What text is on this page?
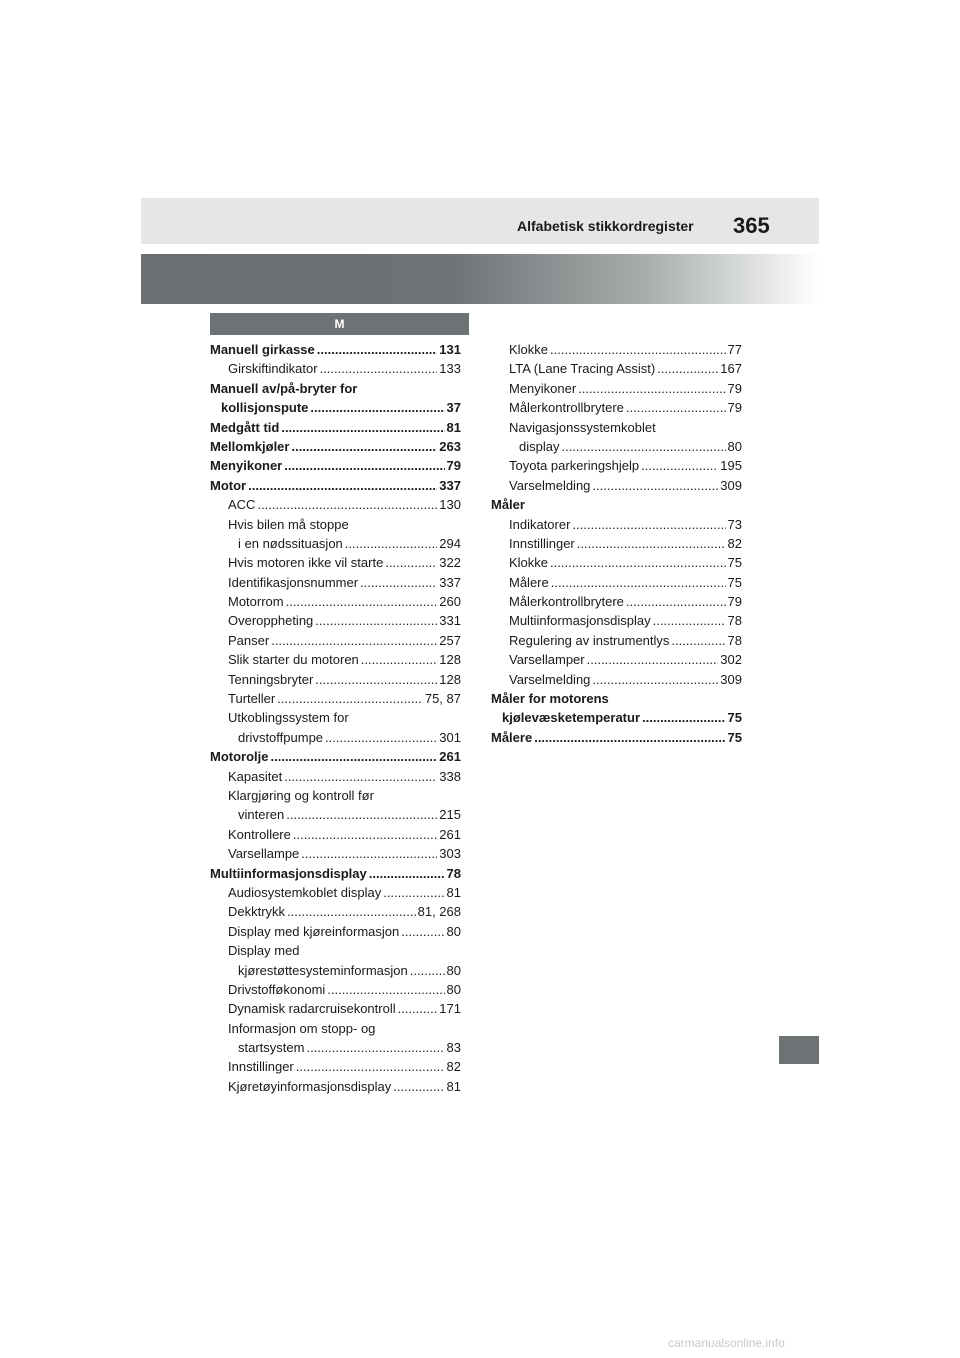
Alfabetisk stikkordregister 365
M
Manuell girkasse .....	131
Girskiftindikator .....	133
Manuell av/på-bryter for
kollisjonspute .....	37
Medgått tid .....	81
Mellomkjøler .....	263
Menyikoner .....	79
Motor .....	337
ACC .....	130
Hvis bilen må stoppe
i en nødssituasjon .....	294
Hvis motoren ikke vil starte .....	322
Identifikasjonsnummer .....	337
Motorrom .....	260
Overoppheting .....	331
Panser .....	257
Slik starter du motoren .....	128
Tenningsbryter .....	128
Turteller .....	75, 87
Utkoblingssystem for
drivstoffpumpe .....	301
Motorolje .....	261
Kapasitet .....	338
Klargjøring og kontroll før
vinteren .....	215
Kontrollere .....	261
Varsellampe .....	303
Multiinformasjonsdisplay .....	78
Audiosystemkoblet display .....	81
Dekktrykk .....	81, 268
Display med kjøreinformasjon .....	80
Display med
kjørestøttesysteminformasjon .....	80
Drivstofføkonomi .....	80
Dynamisk radarcruisekontroll .....	171
Informasjon om stopp- og
startsystem .....	83
Innstillinger .....	82
Kjøretøyinformasjonsdisplay .....	81
Klokke .....	77
LTA (Lane Tracing Assist) .....	167
Menyikoner .....	79
Målerkontrollbrytere .....	79
Navigasjonssystemkoblet
display .....	80
Toyota parkeringshjelp .....	195
Varselmelding .....	309
Måler
Indikatorer .....	73
Innstillinger .....	82
Klokke .....	75
Målere .....	75
Målerkontrollbrytere .....	79
Multiinformasjonsdisplay .....	78
Regulering av instrumentlys .....	78
Varsellamper .....	302
Varselmelding .....	309
Måler for motorens
kjølevæsketemperatur .....	75
Målere .....	75
carmanualsonline.info
